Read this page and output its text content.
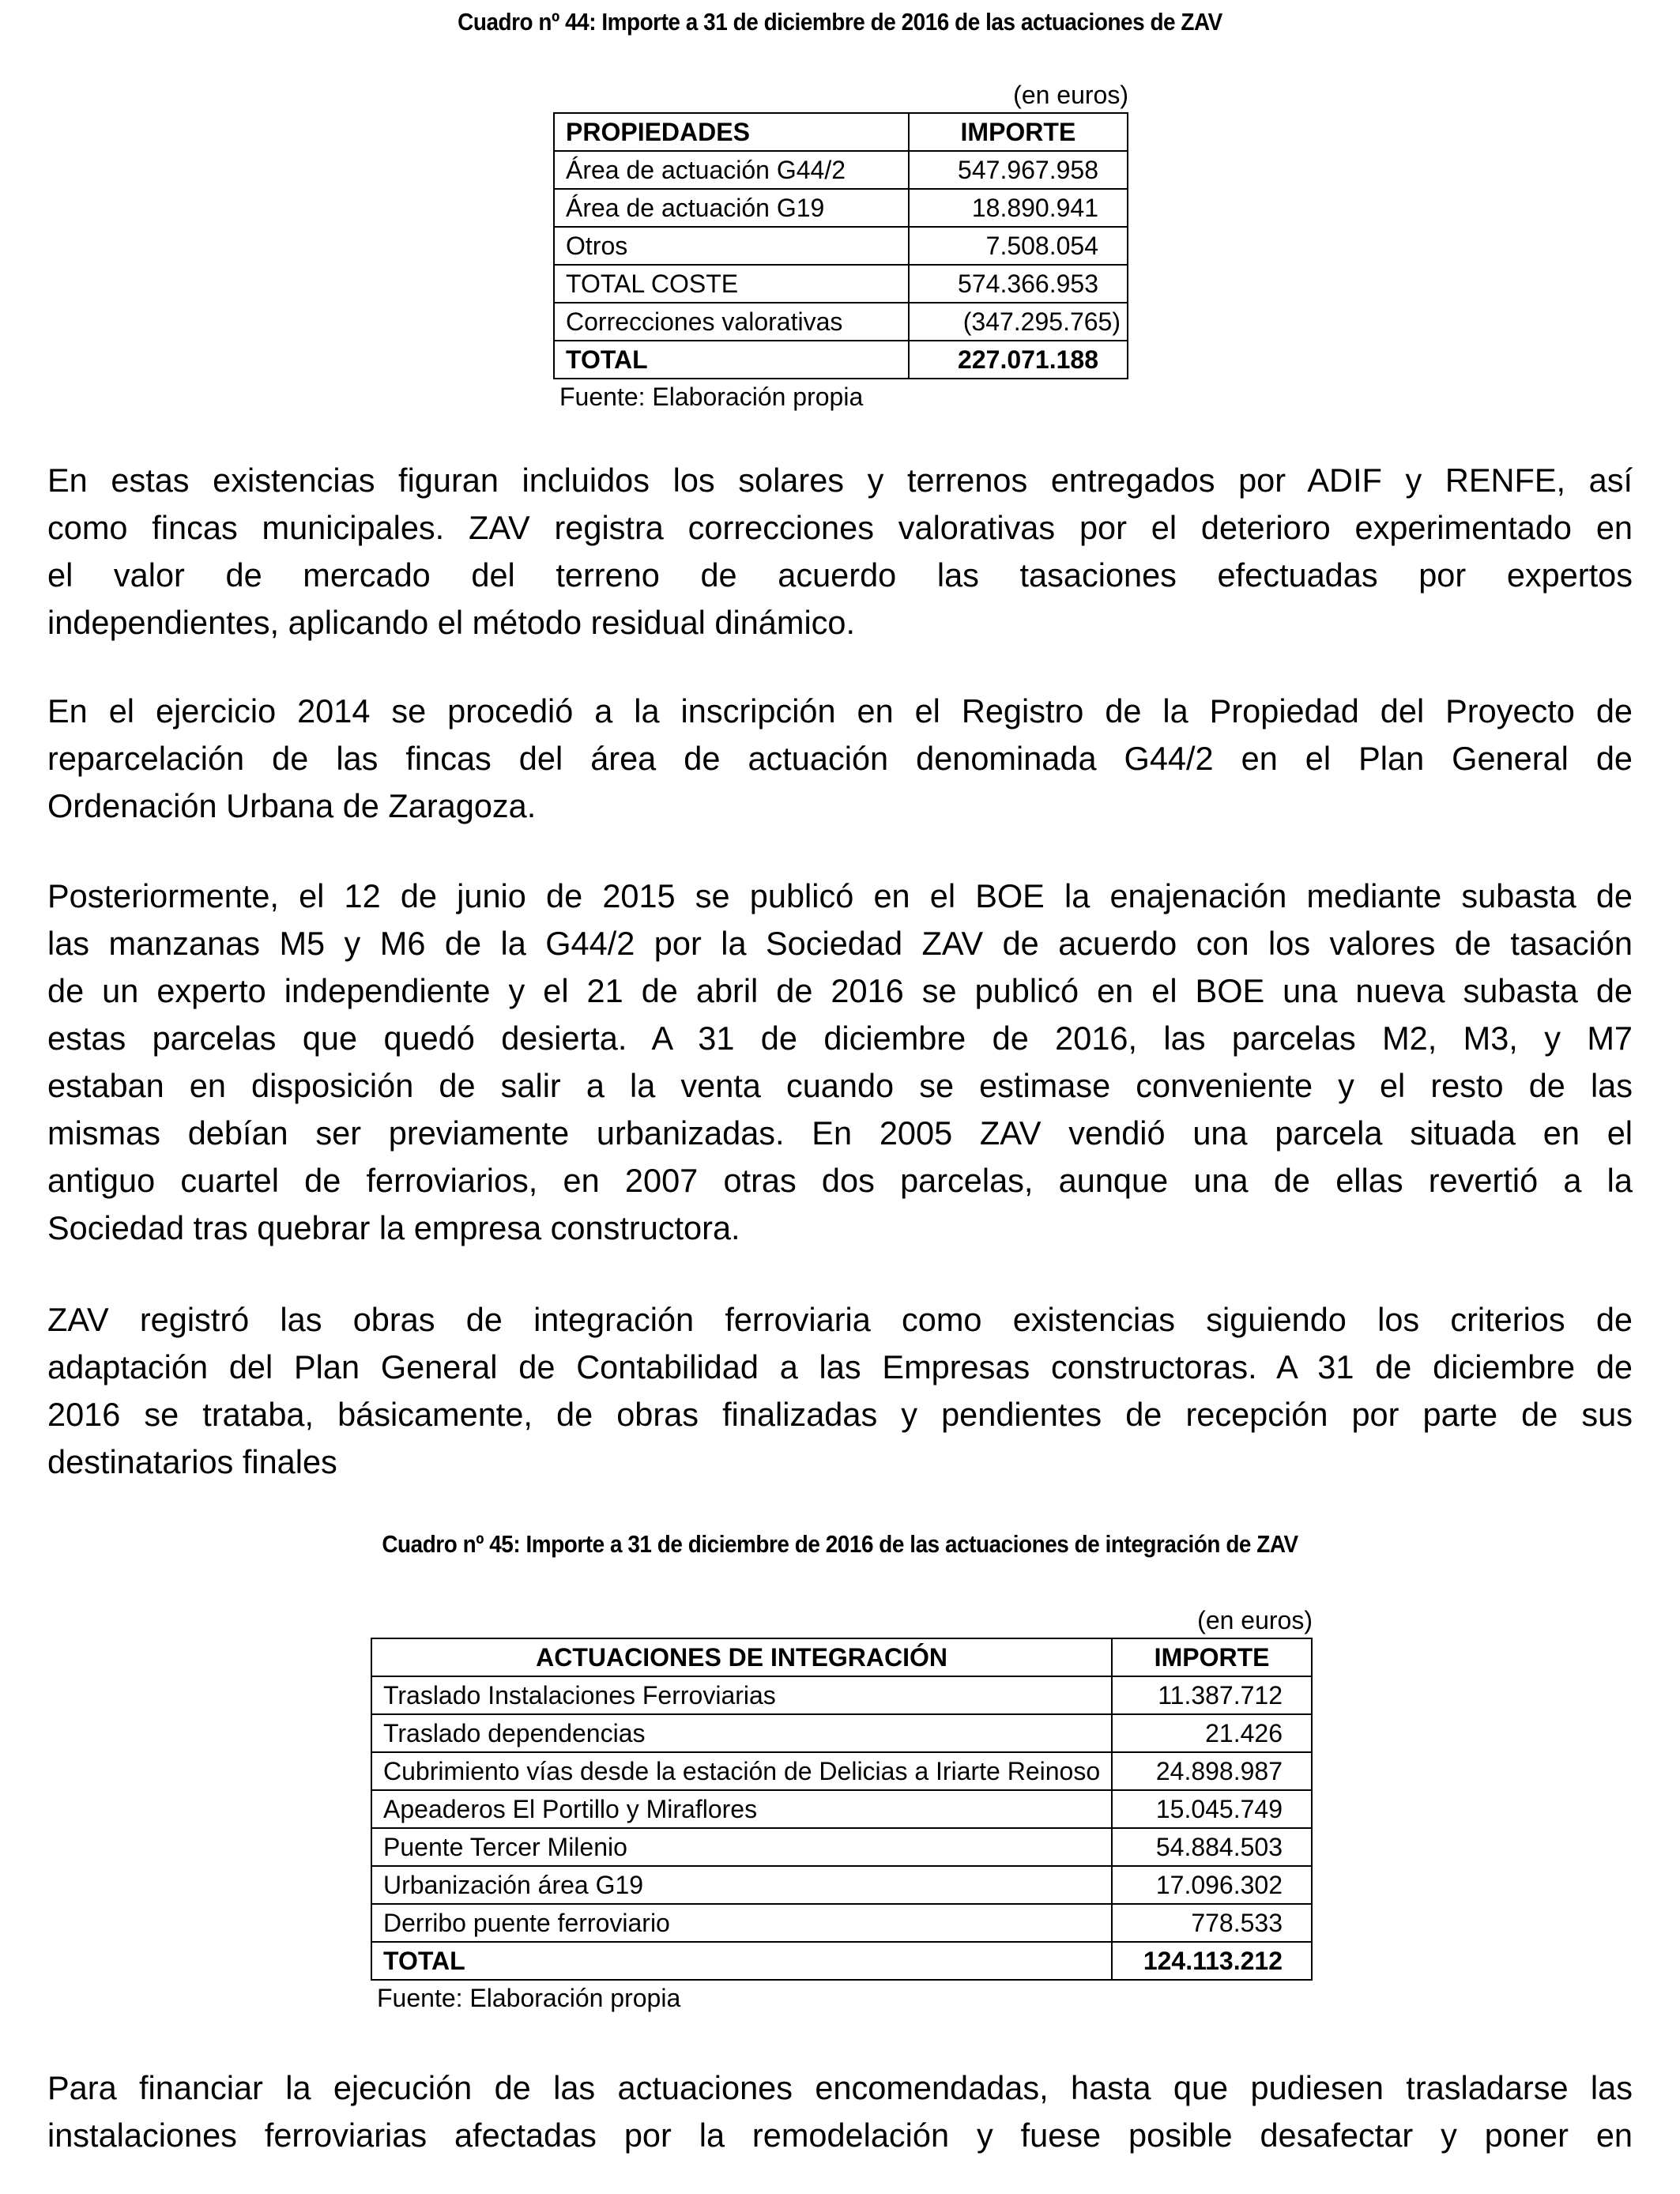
Cuadro nº 44: Importe a 31 de diciembre de 2016 de las actuaciones de ZAV
(en euros)
PROPIEDADES	IMPORTE
Área de actuación G44/2	547.967.958
Área de actuación G19	18.890.941
Otros	7.508.054
TOTAL COSTE	574.366.953
Correcciones valorativas	(347.295.765)
TOTAL	227.071.188
Fuente: Elaboración propia
En estas existencias figuran incluidos los solares y terrenos entregados por ADIF y RENFE, así
como fincas municipales. ZAV registra correcciones valorativas por el deterioro experimentado en
el valor de mercado del terreno de acuerdo las tasaciones efectuadas por expertos
independientes, aplicando el método residual dinámico.
En el ejercicio 2014 se procedió a la inscripción en el Registro de la Propiedad del Proyecto de
reparcelación de las fincas del área de actuación denominada G44/2 en el Plan General de
Ordenación Urbana de Zaragoza.
Posteriormente, el 12 de junio de 2015 se publicó en el BOE la enajenación mediante subasta de
las manzanas M5 y M6 de la G44/2 por la Sociedad ZAV de acuerdo con los valores de tasación
de un experto independiente y el 21 de abril de 2016 se publicó en el BOE una nueva subasta de
estas parcelas que quedó desierta. A 31 de diciembre de 2016, las parcelas M2, M3, y M7
estaban en disposición de salir a la venta cuando se estimase conveniente y el resto de las
mismas debían ser previamente urbanizadas. En 2005 ZAV vendió una parcela situada en el
antiguo cuartel de ferroviarios, en 2007 otras dos parcelas, aunque una de ellas revertió a la
Sociedad tras quebrar la empresa constructora.
ZAV registró las obras de integración ferroviaria como existencias siguiendo los criterios de
adaptación del Plan General de Contabilidad a las Empresas constructoras. A 31 de diciembre de
2016 se trataba, básicamente, de obras finalizadas y pendientes de recepción por parte de sus
destinatarios finales
Cuadro nº 45: Importe a 31 de diciembre de 2016 de las actuaciones de integración de ZAV
(en euros)
ACTUACIONES DE INTEGRACIÓN	IMPORTE
Traslado Instalaciones Ferroviarias	11.387.712
Traslado dependencias	21.426
Cubrimiento vías desde la estación de Delicias a Iriarte Reinoso	24.898.987
Apeaderos El Portillo y Miraflores	15.045.749
Puente Tercer Milenio	54.884.503
Urbanización área G19	17.096.302
Derribo puente ferroviario	778.533
TOTAL	124.113.212
Fuente: Elaboración propia
Para financiar la ejecución de las actuaciones encomendadas, hasta que pudiesen trasladarse las
instalaciones ferroviarias afectadas por la remodelación y fuese posible desafectar y poner en
